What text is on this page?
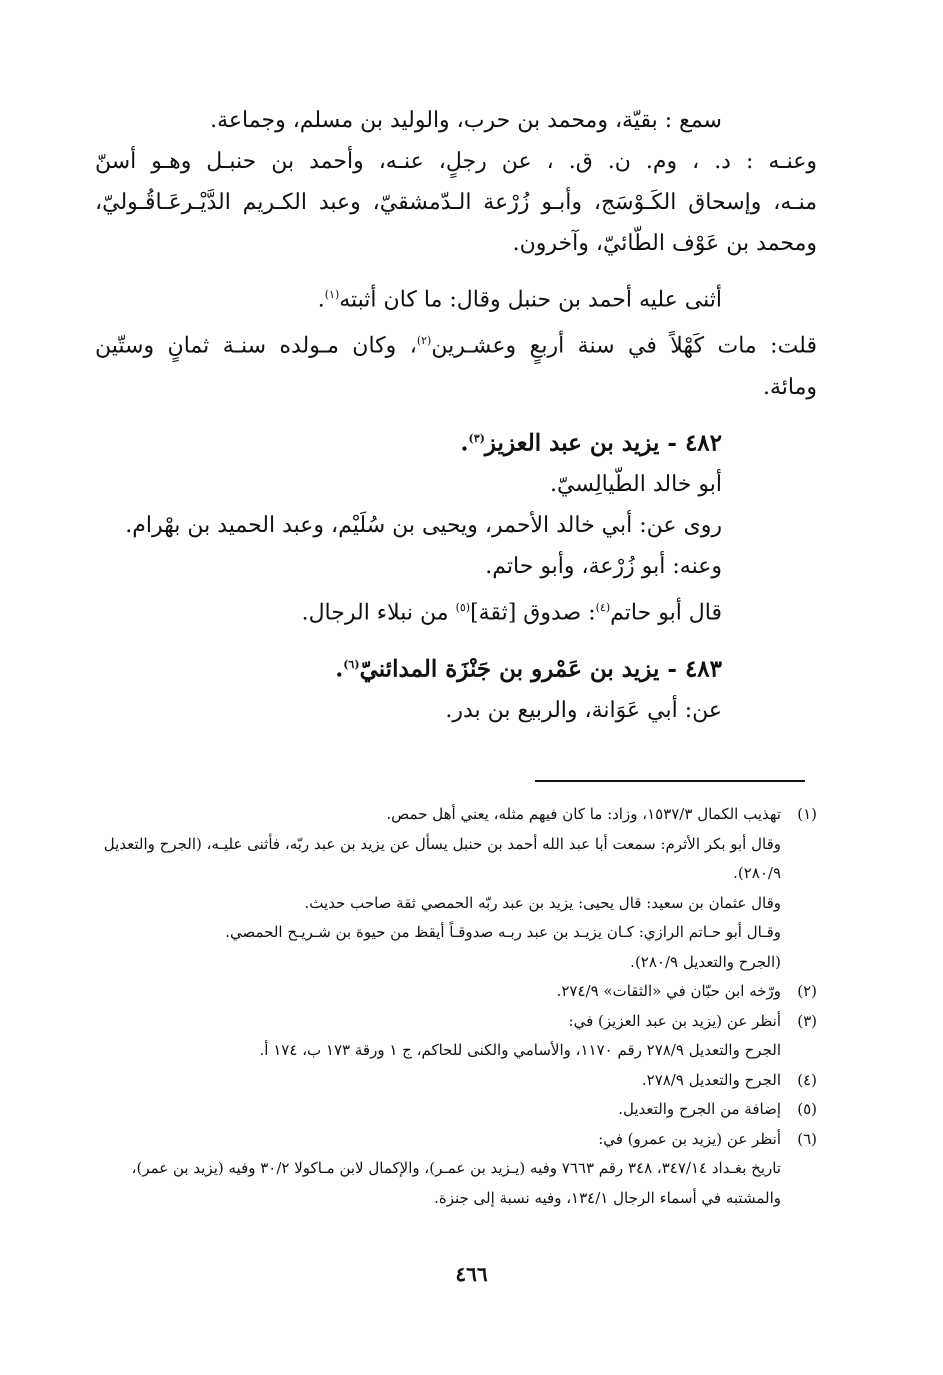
سمع : بقيّة، ومحمد بن حرب، والوليد بن مسلم، وجماعة.
وعنـه : د. ، وم. ن. ق. ، عن رجلٍ، عنـه، وأحمد بن حنبـل وهـو أسنّ
منـه، وإسحاق الكَـوْسَج، وأبـو زُرْعة الـدّمشقيّ، وعبد الكـريم الدَّيْـرعَـاقُـوليّ،
ومحمد بن عَوْف الطّائيّ، وآخرون.
أثنى عليه أحمد بن حنبل وقال: ما كان أثبته$^{(١)}$.
قلت: مات كَهْلاً في سنة أربعٍ وعشـرين$^{(٢)}$، وكان مـولده سنـة ثمانٍ وستّين
ومائة.
٤٨٢ - يزيد بن عبد العزيز$^{(٣)}$.
أبو خالد الطّيالِسيّ.
روى عن: أبي خالد الأحمر، ويحيى بن سُلَيْم، وعبد الحميد بن بهْرام.
وعنه: أبو زُرْعة، وأبو حاتم.
قال أبو حاتم$^{(٤)}$: صدوق [ثقة]$^{(٥)}$ من نبلاء الرجال.
٤٨٣ - يزيد بن عَمْرو بن جَنْزَة المدائنيّ$^{(٦)}$.
عن: أبي عَوَانة، والربيع بن بدر.
(١)تهذيب الكمال ١٥٣٧/٣، وزاد: ما كان فيهم مثله، يعني أهل حمص.
وقال أبو بكر الأثرم: سمعت أبا عبد الله أحمد بن حنبل يسأل عن يزيد بن عبد ربّه، فأثنى عليـه، (الجرح والتعديل ٢٨٠/٩).
وقال عثمان بن سعيد: قال يحيى: يزيد بن عبد ربّه الحمصي ثقة صاحب حديث.
وقـال أبو حـاتم الرازي: كـان يزيـد بن عبد ربـه صدوقـاً أيقظ من حيوة بن شـريـح الحمصي.
(الجرح والتعديل ٢٨٠/٩).
(٢)ورّخه ابن حبّان في «الثقات» ٢٧٤/٩.
(٣)أنظر عن (يزيد بن عبد العزيز) في:
الجرح والتعديل ٢٧٨/٩ رقم ١١٧٠، والأسامي والكنى للحاكم، ج ١ ورقة ١٧٣ ب، ١٧٤ أ.
(٤)الجرح والتعديل ٢٧٨/٩.
(٥)إضافة من الجرح والتعديل.
(٦)أنظر عن (يزيد بن عمرو) في:
تاريخ بغـداد ٣٤٧/١٤، ٣٤٨ رقم ٧٦٦٣ وفيه (يـزيد بن عمـر)، والإكمال لابن مـاكولا ٣٠/٢ وفيه (يزيد بن عمر)، والمشتبه في أسماء الرجال ١٣٤/١، وفيه نسبة إلى جنزة.
٤٦٦
